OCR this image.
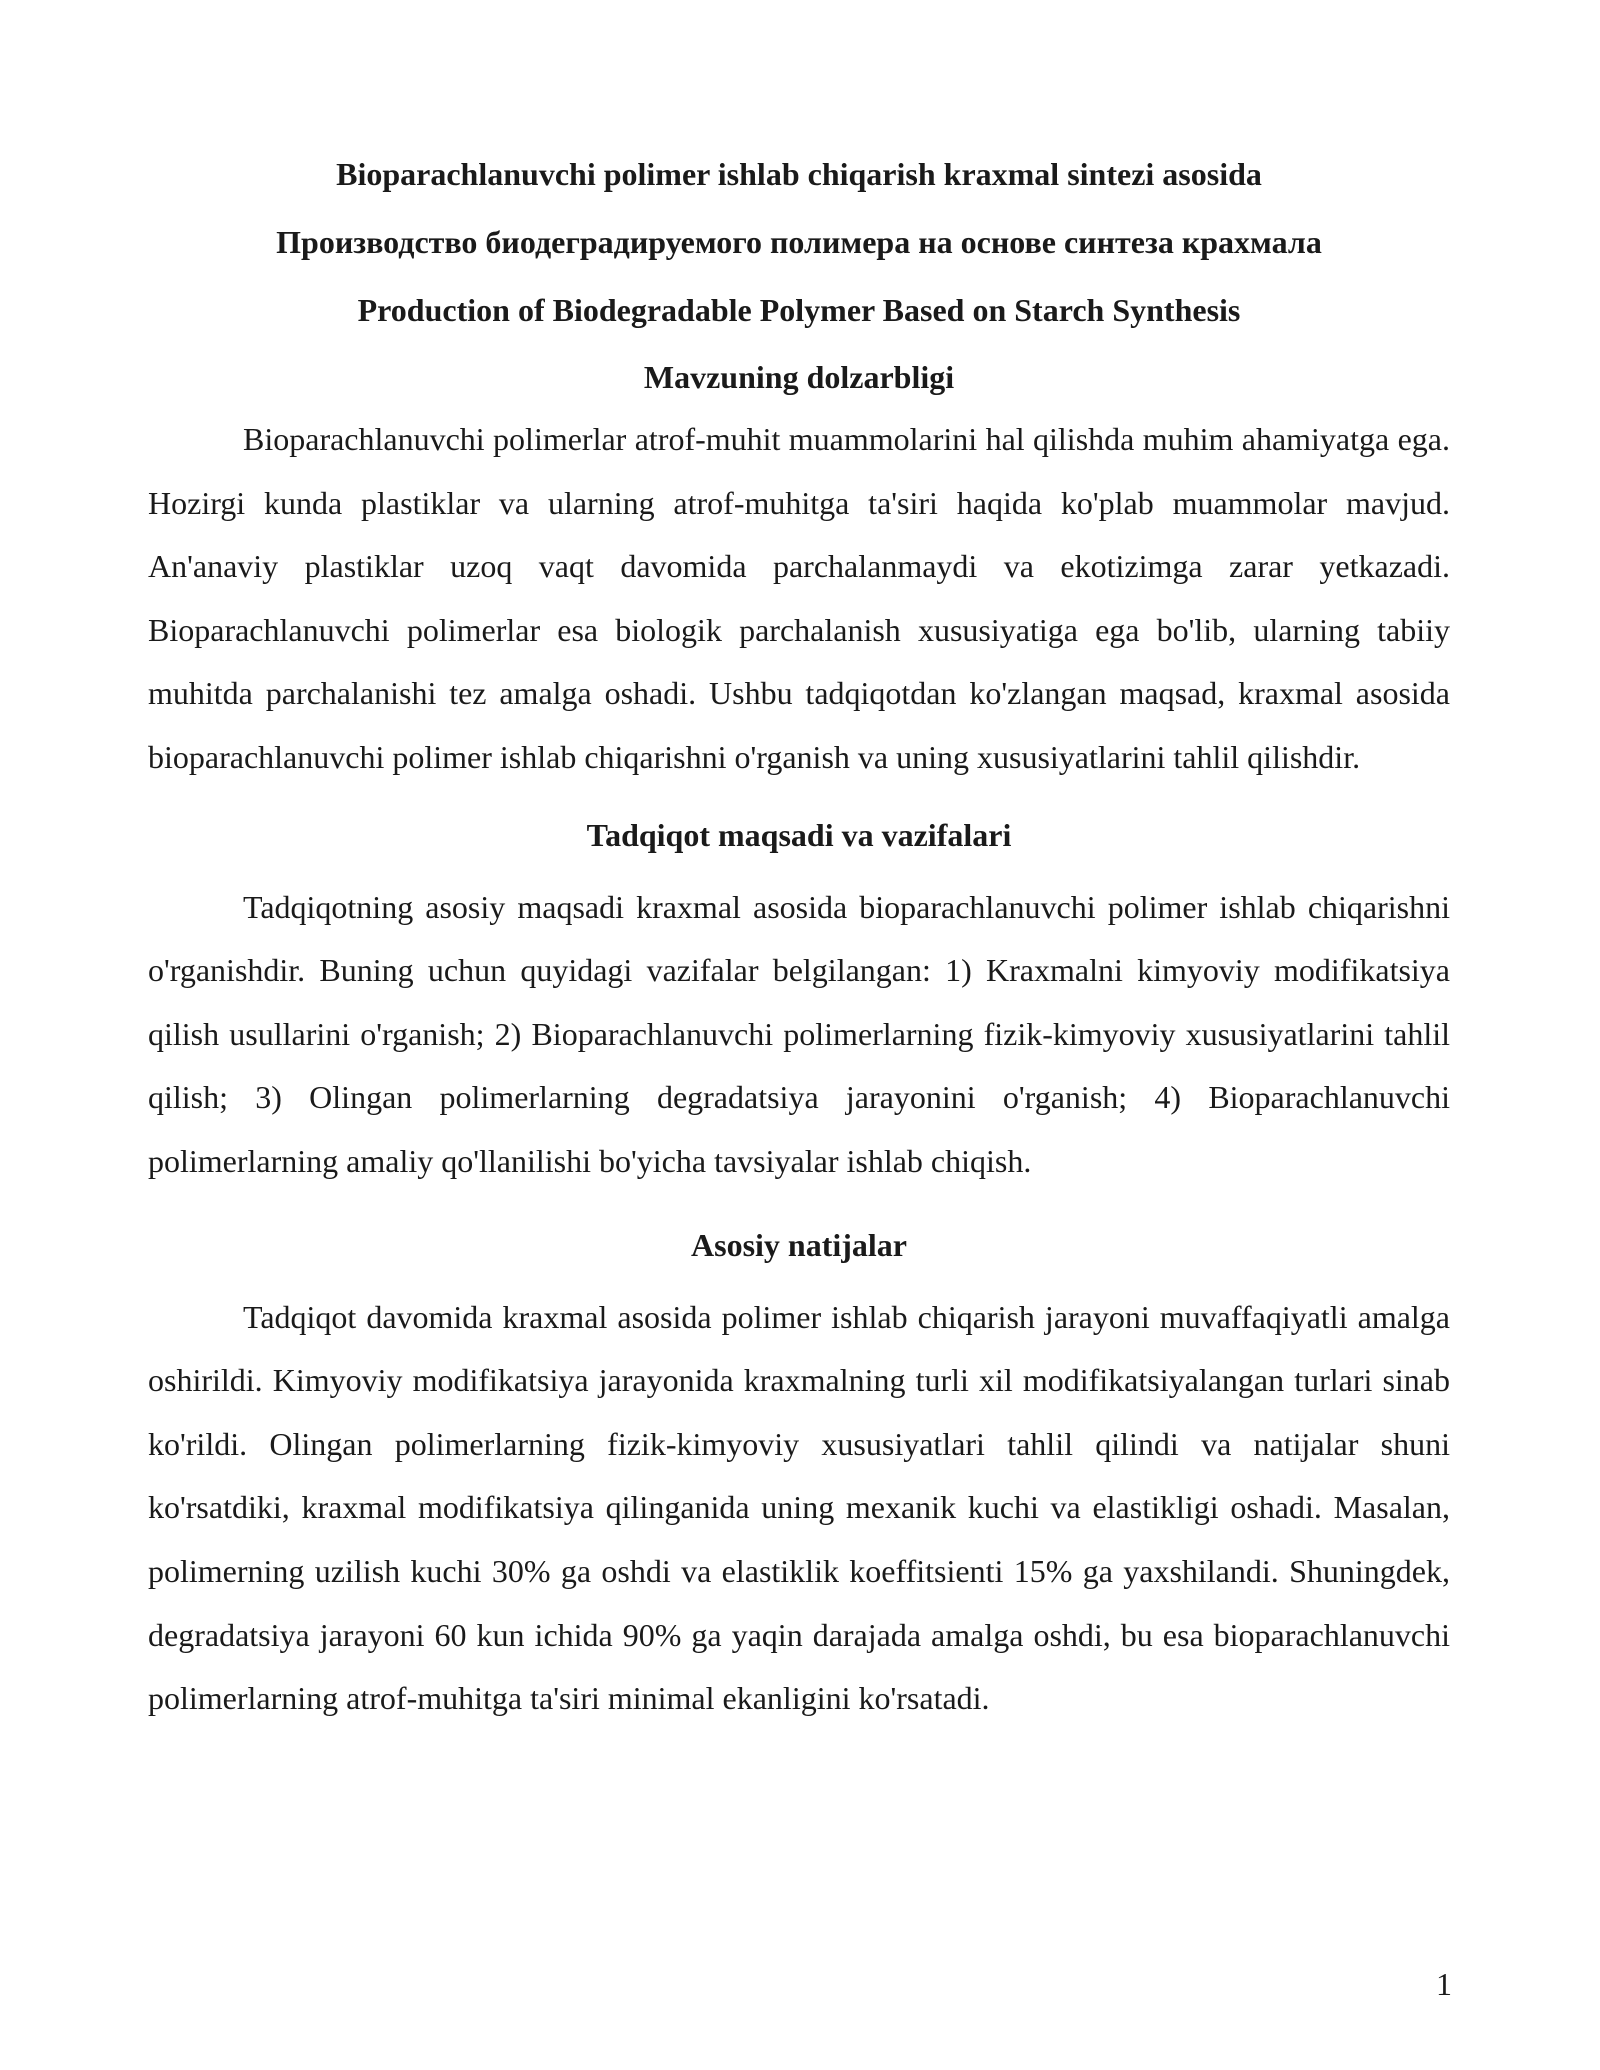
Bioparachlanuvchi polimer ishlab chiqarish kraxmal sintezi asosida

Производство биодеградируемого полимера на основе синтеза крахмала

Production of Biodegradable Polymer Based on Starch Synthesis

Mavzuning dolzarbligi

Bioparachlanuvchi polimerlar atrof-muhit muammolarini hal qilishda muhim ahamiyatga ega. Hozirgi kunda plastiklar va ularning atrof-muhitga ta'siri haqida ko'plab muammolar mavjud. An'anaviy plastiklar uzoq vaqt davomida parchalanmaydi va ekotizimga zarar yetkazadi. Bioparachlanuvchi polimerlar esa biologik parchalanish xususiyatiga ega bo'lib, ularning tabiiy muhitda parchalanishi tez amalga oshadi. Ushbu tadqiqotdan ko'zlangan maqsad, kraxmal asosida bioparachlanuvchi polimer ishlab chiqarishni o'rganish va uning xususiyatlarini tahlil qilishdir.

Tadqiqot maqsadi va vazifalari

Tadqiqotning asosiy maqsadi kraxmal asosida bioparachlanuvchi polimer ishlab chiqarishni o'rganishdir. Buning uchun quyidagi vazifalar belgilangan: 1) Kraxmalni kimyoviy modifikatsiya qilish usullarini o'rganish; 2) Bioparachlanuvchi polimerlarning fizik-kimyoviy xususiyatlarini tahlil qilish; 3) Olingan polimerlarning degradatsiya jarayonini o'rganish; 4) Bioparachlanuvchi polimerlarning amaliy qo'llanilishi bo'yicha tavsiyalar ishlab chiqish.

Asosiy natijalar

Tadqiqot davomida kraxmal asosida polimer ishlab chiqarish jarayoni muvaffaqiyatli amalga oshirildi. Kimyoviy modifikatsiya jarayonida kraxmalning turli xil modifikatsiyalangan turlari sinab ko'rildi. Olingan polimerlarning fizik-kimyoviy xususiyatlari tahlil qilindi va natijalar shuni ko'rsatdiki, kraxmal modifikatsiya qilinganida uning mexanik kuchi va elastikligi oshadi. Masalan, polimerning uzilish kuchi 30% ga oshdi va elastiklik koeffitsienti 15% ga yaxshilandi. Shuningdek, degradatsiya jarayoni 60 kun ichida 90% ga yaqin darajada amalga oshdi, bu esa bioparachlanuvchi polimerlarning atrof-muhitga ta'siri minimal ekanligini ko'rsatadi.

1
